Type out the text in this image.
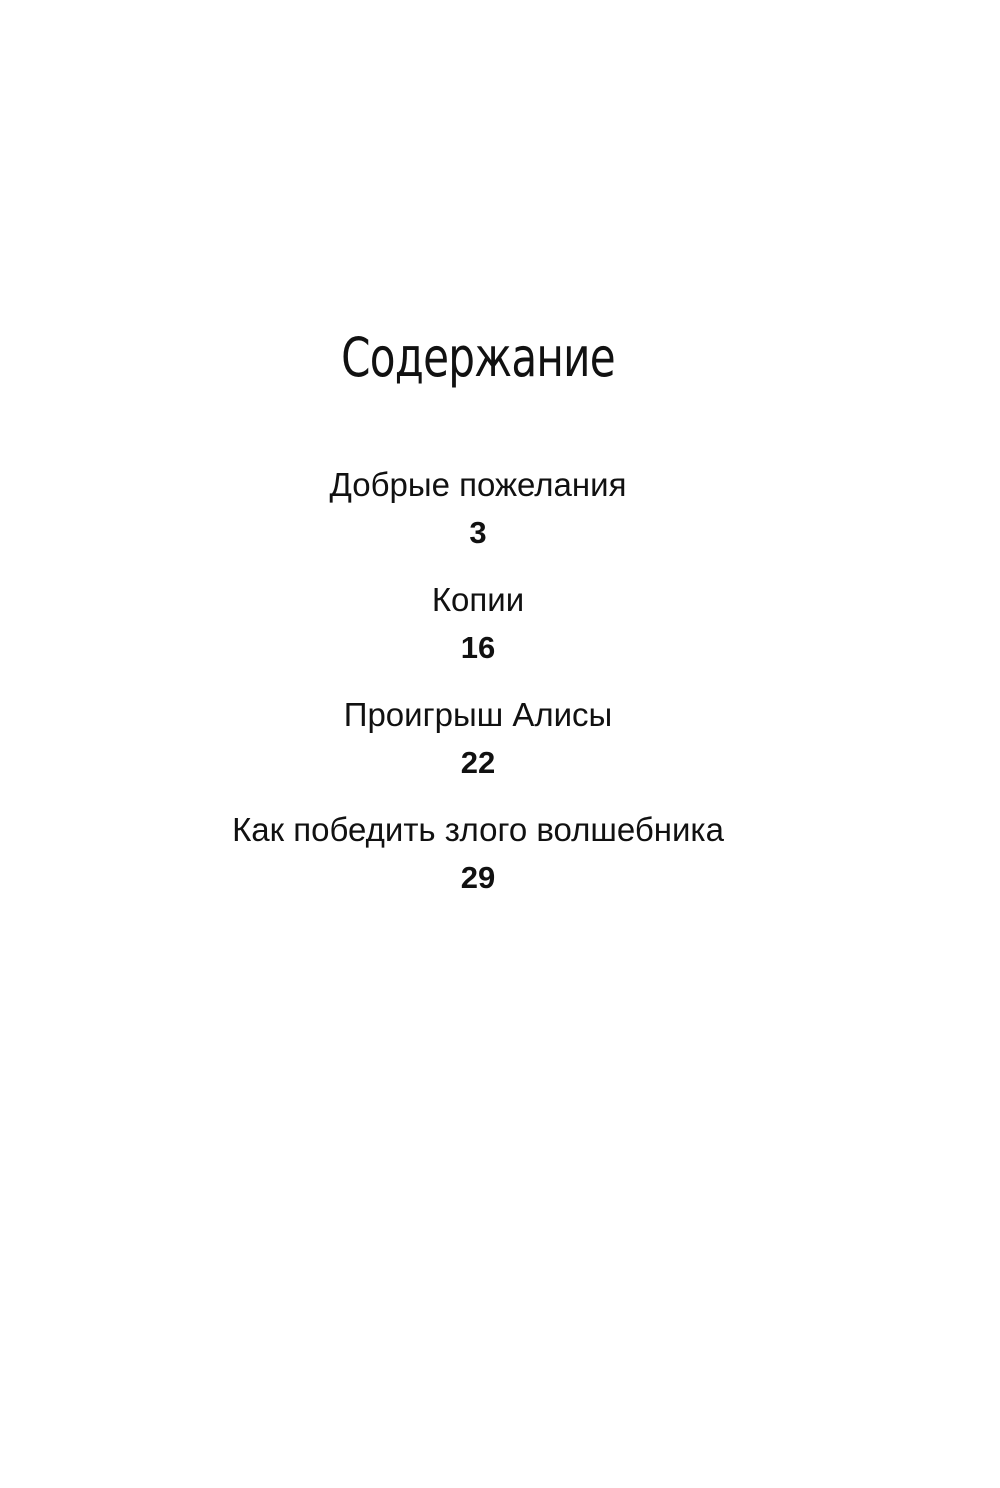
Содержание
Добрые пожелания
3
Копии
16
Проигрыш Алисы
22
Как победить злого волшебника
29
